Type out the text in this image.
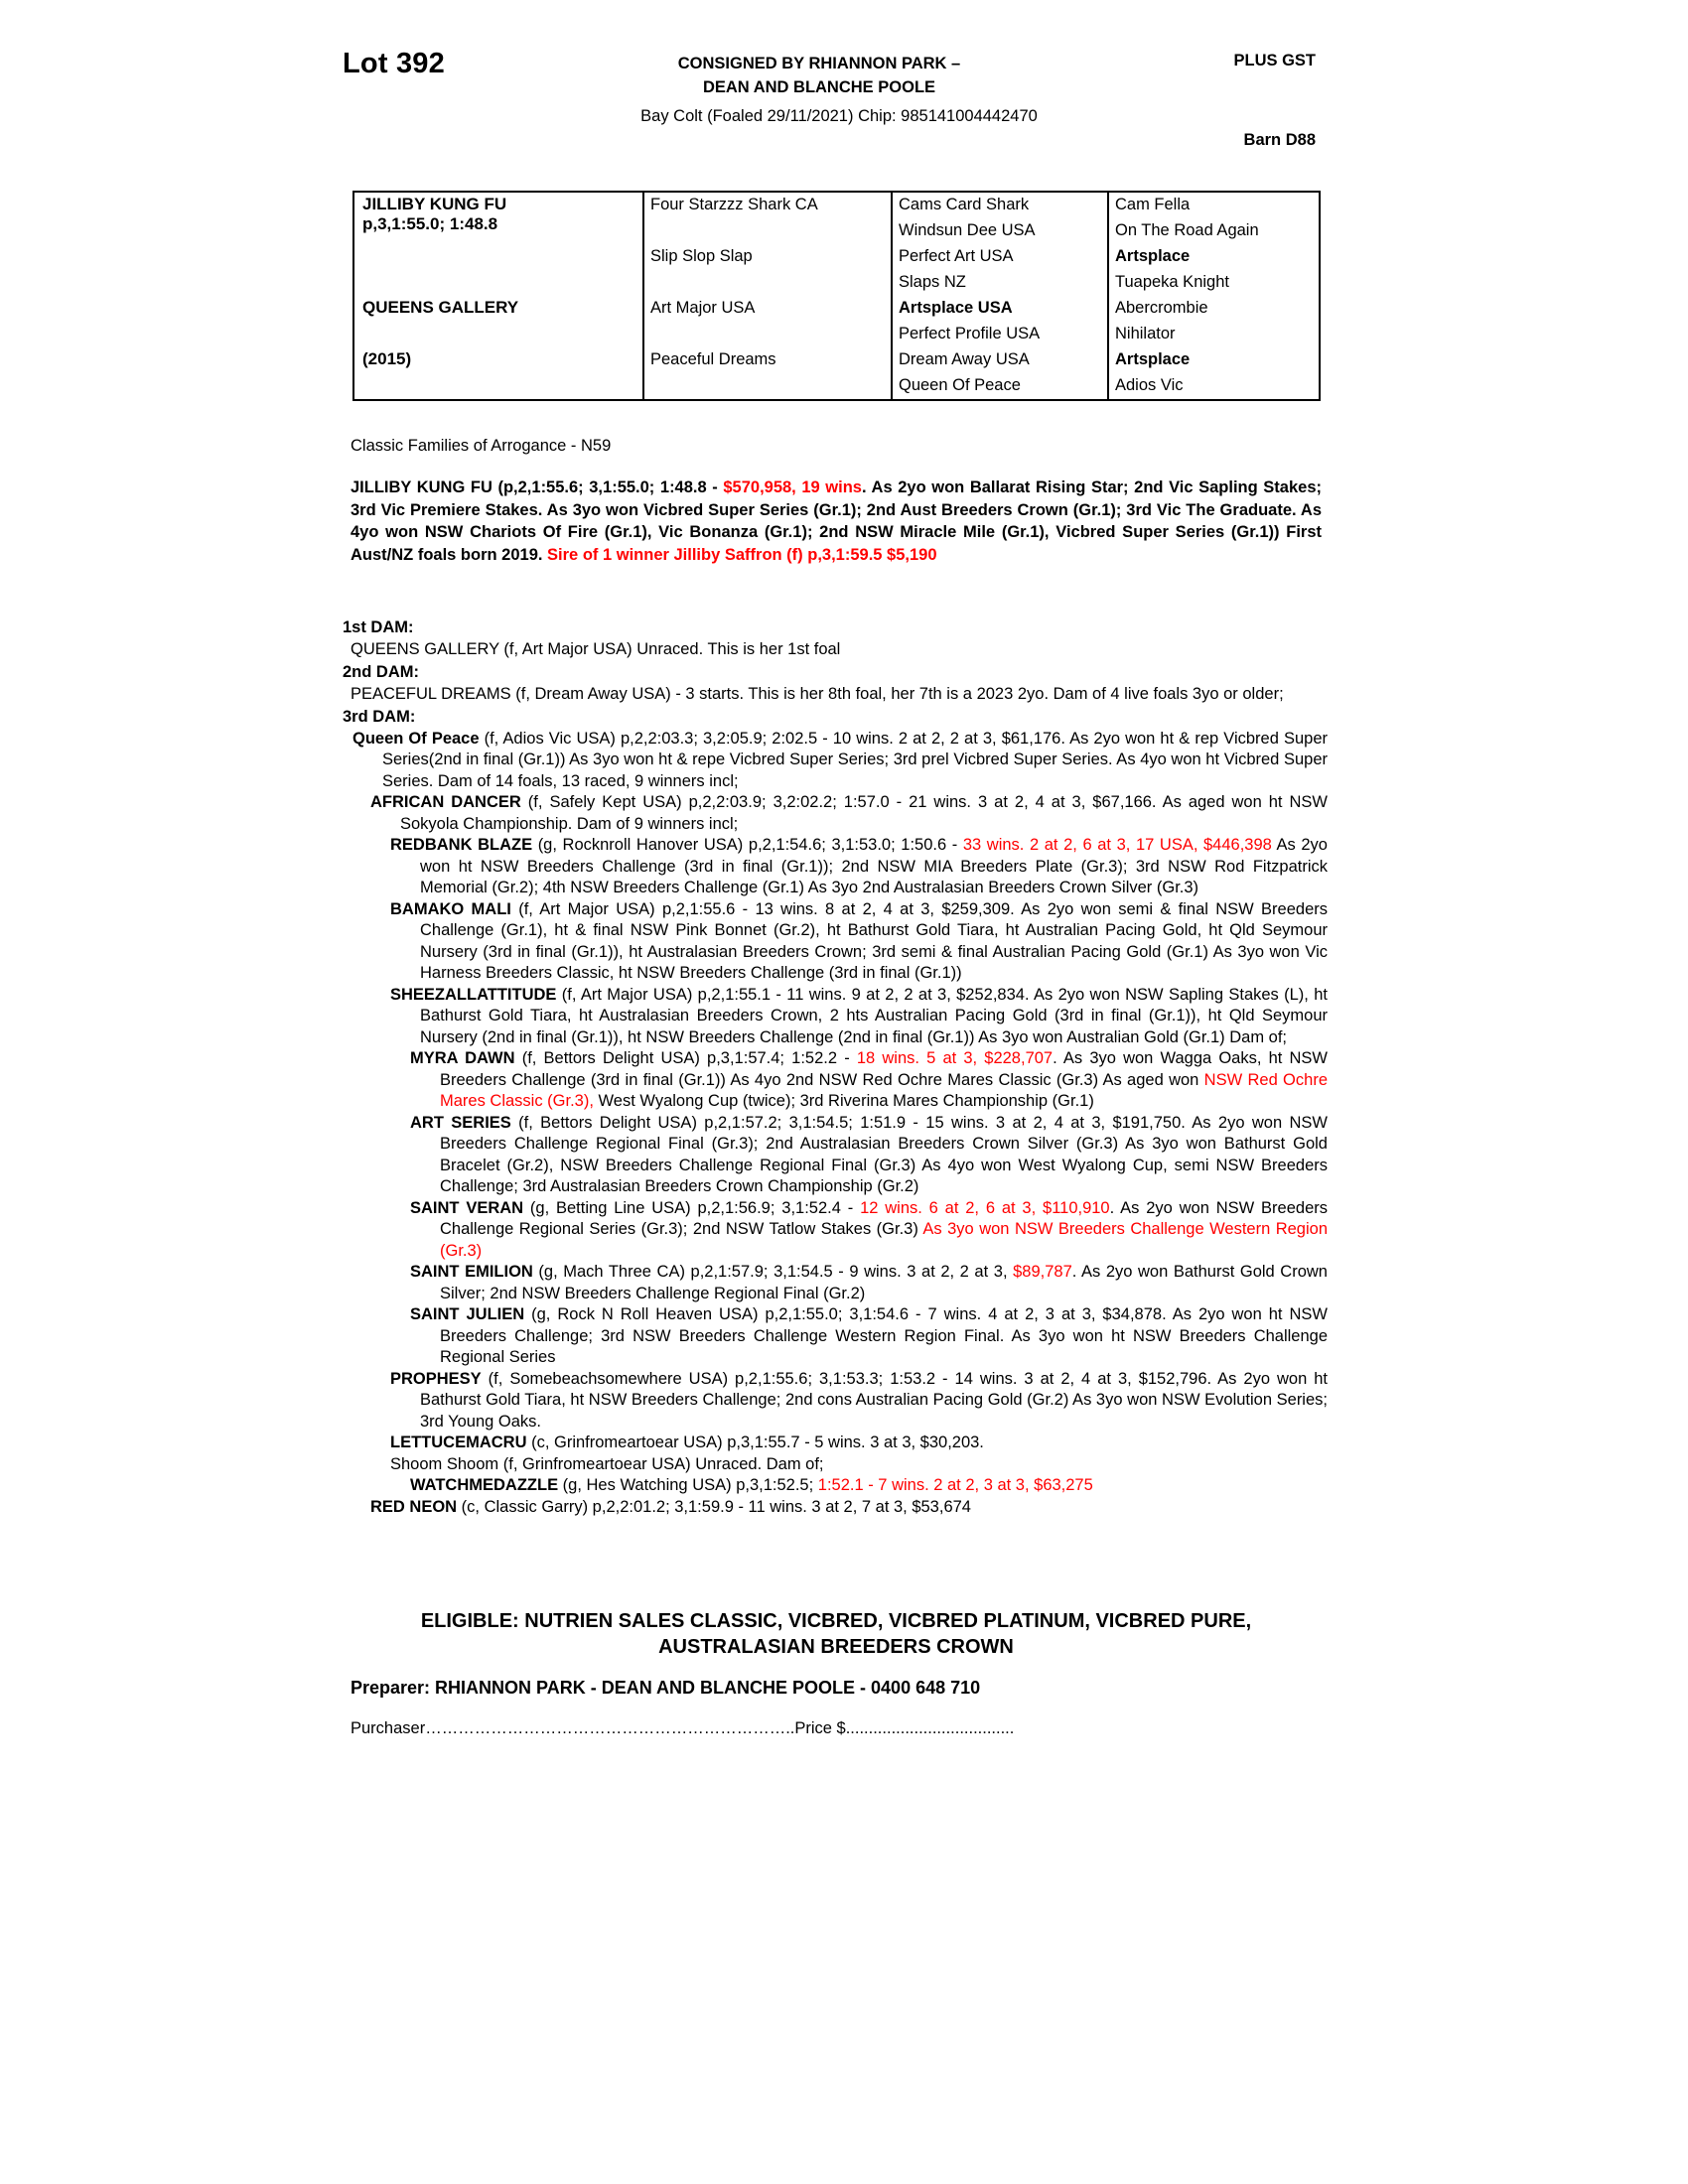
Lot 392	CONSIGNED BY RHIANNON PARK –
DEAN AND BLANCHE POOLE
PLUS GST
Bay Colt (Foaled 29/11/2021) Chip: 985141004442470
Barn D88
JILLIBY KUNG FU
p,3,1:55.0; 1:48.8	Four Starzzz Shark CA	Cams Card Shark	Cam Fella
		Windsun Dee USA	On The Road Again
	Slip Slop Slap	Perfect Art USA	Artsplace
		Slaps NZ	Tuapeka Knight

QUEENS GALLERY	Art Major USA	Artsplace USA	Abercrombie
		Perfect Profile USA	Nihilator

(2015)	Peaceful Dreams	Dream Away USA	Artsplace
		Queen Of Peace	Adios Vic
Classic Families of Arrogance - N59
JILLIBY KUNG FU (p,2,1:55.6; 3,1:55.0; 1:48.8 - $570,958, 19 wins. As 2yo won Ballarat Rising Star; 2nd Vic Sapling Stakes; 3rd Vic Premiere Stakes. As 3yo won Vicbred Super Series (Gr.1); 2nd Aust Breeders Crown (Gr.1); 3rd Vic The Graduate. As 4yo won NSW Chariots Of Fire (Gr.1), Vic Bonanza (Gr.1); 2nd NSW Miracle Mile (Gr.1), Vicbred Super Series (Gr.1)) First Aust/NZ foals born 2019. Sire of 1 winner Jilliby Saffron (f) p,3,1:59.5 $5,190
1st DAM:
QUEENS GALLERY (f, Art Major USA) Unraced. This is her 1st foal
2nd DAM:
PEACEFUL DREAMS (f, Dream Away USA) - 3 starts. This is her 8th foal, her 7th is a 2023 2yo. Dam of 4 live foals 3yo or older;
3rd DAM:
Queen Of Peace (f, Adios Vic USA) p,2,2:03.3; 3,2:05.9; 2:02.5 - 10 wins. 2 at 2, 2 at 3, $61,176. As 2yo won ht & rep Vicbred Super Series(2nd in final (Gr.1)) As 3yo won ht & repe Vicbred Super Series; 3rd prel Vicbred Super Series. As 4yo won ht Vicbred Super Series. Dam of 14 foals, 13 raced, 9 winners incl;
AFRICAN DANCER (f, Safely Kept USA) p,2,2:03.9; 3,2:02.2; 1:57.0 - 21 wins. 3 at 2, 4 at 3, $67,166. As aged won ht NSW Sokyola Championship. Dam of 9 winners incl;
REDBANK BLAZE (g, Rocknroll Hanover USA) p,2,1:54.6; 3,1:53.0; 1:50.6 - 33 wins. 2 at 2, 6 at 3, 17 USA, $446,398 As 2yo won ht NSW Breeders Challenge (3rd in final (Gr.1)); 2nd NSW MIA Breeders Plate (Gr.3); 3rd NSW Rod Fitzpatrick Memorial (Gr.2); 4th NSW Breeders Challenge (Gr.1) As 3yo 2nd Australasian Breeders Crown Silver (Gr.3)
BAMAKO MALI (f, Art Major USA) p,2,1:55.6 - 13 wins. 8 at 2, 4 at 3, $259,309. As 2yo won semi & final NSW Breeders Challenge (Gr.1), ht & final NSW Pink Bonnet (Gr.2), ht Bathurst Gold Tiara, ht Australian Pacing Gold, ht Qld Seymour Nursery (3rd in final (Gr.1)), ht Australasian Breeders Crown; 3rd semi & final Australian Pacing Gold (Gr.1) As 3yo won Vic Harness Breeders Classic, ht NSW Breeders Challenge (3rd in final (Gr.1))
SHEEZALLATTITUDE (f, Art Major USA) p,2,1:55.1 - 11 wins. 9 at 2, 2 at 3, $252,834. As 2yo won NSW Sapling Stakes (L), ht Bathurst Gold Tiara, ht Australasian Breeders Crown, 2 hts Australian Pacing Gold (3rd in final (Gr.1)), ht Qld Seymour Nursery (2nd in final (Gr.1)), ht NSW Breeders Challenge (2nd in final (Gr.1)) As 3yo won Australian Gold (Gr.1) Dam of;
MYRA DAWN (f, Bettors Delight USA) p,3,1:57.4; 1:52.2 - 18 wins. 5 at 3, $228,707. As 3yo won Wagga Oaks, ht NSW Breeders Challenge (3rd in final (Gr.1)) As 4yo 2nd NSW Red Ochre Mares Classic (Gr.3) As aged won NSW Red Ochre Mares Classic (Gr.3), West Wyalong Cup (twice); 3rd Riverina Mares Championship (Gr.1)
ART SERIES (f, Bettors Delight USA) p,2,1:57.2; 3,1:54.5; 1:51.9 - 15 wins. 3 at 2, 4 at 3, $191,750. As 2yo won NSW Breeders Challenge Regional Final (Gr.3); 2nd Australasian Breeders Crown Silver (Gr.3) As 3yo won Bathurst Gold Bracelet (Gr.2), NSW Breeders Challenge Regional Final (Gr.3) As 4yo won West Wyalong Cup, semi NSW Breeders Challenge; 3rd Australasian Breeders Crown Championship (Gr.2)
SAINT VERAN (g, Betting Line USA) p,2,1:56.9; 3,1:52.4 - 12 wins. 6 at 2, 6 at 3, $110,910. As 2yo won NSW Breeders Challenge Regional Series (Gr.3); 2nd NSW Tatlow Stakes (Gr.3) As 3yo won NSW Breeders Challenge Western Region (Gr.3)
SAINT EMILION (g, Mach Three CA) p,2,1:57.9; 3,1:54.5 - 9 wins. 3 at 2, 2 at 3, $89,787. As 2yo won Bathurst Gold Crown Silver; 2nd NSW Breeders Challenge Regional Final (Gr.2)
SAINT JULIEN (g, Rock N Roll Heaven USA) p,2,1:55.0; 3,1:54.6 - 7 wins. 4 at 2, 3 at 3, $34,878. As 2yo won ht NSW Breeders Challenge; 3rd NSW Breeders Challenge Western Region Final. As 3yo won ht NSW Breeders Challenge Regional Series
PROPHESY (f, Somebeachsomewhere USA) p,2,1:55.6; 3,1:53.3; 1:53.2 - 14 wins. 3 at 2, 4 at 3, $152,796. As 2yo won ht Bathurst Gold Tiara, ht NSW Breeders Challenge; 2nd cons Australian Pacing Gold (Gr.2) As 3yo won NSW Evolution Series; 3rd Young Oaks.
LETTUCEMACRU (c, Grinfromeartoear USA) p,3,1:55.7 - 5 wins. 3 at 3, $30,203.
Shoom Shoom (f, Grinfromeartoear USA) Unraced. Dam of;
WATCHMEDAZZLE (g, Hes Watching USA) p,3,1:52.5; 1:52.1 - 7 wins. 2 at 2, 3 at 3, $63,275
RED NEON (c, Classic Garry) p,2,2:01.2; 3,1:59.9 - 11 wins. 3 at 2, 7 at 3, $53,674
ELIGIBLE: NUTRIEN SALES CLASSIC, VICBRED, VICBRED PLATINUM, VICBRED PURE, AUSTRALASIAN BREEDERS CROWN
Preparer: RHIANNON PARK - DEAN AND BLANCHE POOLE - 0400 648 710
Purchaser…………………………………………………………..Price $.....................................
